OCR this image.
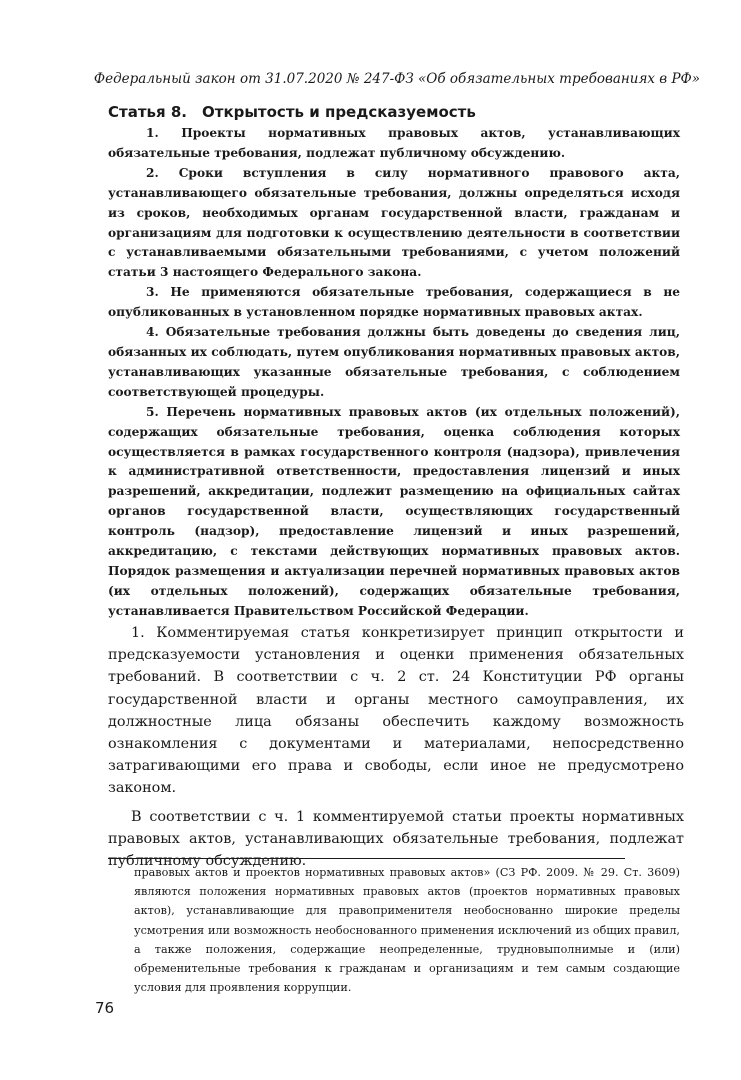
Федеральный закон от 31.07.2020 № 247-ФЗ «Об обязательных требованиях в РФ»
Статья 8. Открытость и предсказуемость

1. Проекты нормативных правовых актов, устанавливающих обязательные требования, подлежат публичному обсуждению.

2. Сроки вступления в силу нормативного правового акта, устанавливающего обязательные требования, должны определяться исходя из сроков, необходимых органам государственной власти, гражданам и организациям для подготовки к осуществлению деятельности в соответствии с устанавливаемыми обязательными требованиями, с учетом положений статьи 3 настоящего Федерального закона.

3. Не применяются обязательные требования, содержащиеся в не опубликованных в установленном порядке нормативных правовых актах.

4. Обязательные требования должны быть доведены до сведения лиц, обязанных их соблюдать, путем опубликования нормативных правовых актов, устанавливающих указанные обязательные требования, с соблюдением соответствующей процедуры.

5. Перечень нормативных правовых актов (их отдельных положений), содержащих обязательные требования, оценка соблюдения которых осуществляется в рамках государственного контроля (надзора), привлечения к административной ответственности, предоставления лицензий и иных разрешений, аккредитации, подлежит размещению на официальных сайтах органов государственной власти, осуществляющих государственный контроль (надзор), предоставление лицензий и иных разрешений, аккредитацию, с текстами действующих нормативных правовых актов. Порядок размещения и актуализации перечней нормативных правовых актов (их отдельных положений), содержащих обязательные требования, устанавливается Правительством Российской Федерации.

1. Комментируемая статья конкретизирует принцип открытости и предсказуемости установления и оценки применения обязательных требований. В соответствии с ч. 2 ст. 24 Конституции РФ органы государственной власти и органы местного самоуправления, их должностные лица обязаны обеспечить каждому возможность ознакомления с документами и материалами, непосредственно затрагивающими его права и свободы, если иное не предусмотрено законом.

В соответствии с ч. 1 комментируемой статьи проекты нормативных правовых актов, устанавливающих обязательные требования, подлежат публичному обсуждению.

правовых актов и проектов нормативных правовых актов» (СЗ РФ. 2009. № 29. Ст. 3609) являются положения нормативных правовых актов (проектов нормативных правовых актов), устанавливающие для правоприменителя необоснованно широкие пределы усмотрения или возможность необоснованного применения исключений из общих правил, а также положения, содержащие неопределенные, трудновыполнимые и (или) обременительные требования к гражданам и организациям и тем самым создающие условия для проявления коррупции.

76
